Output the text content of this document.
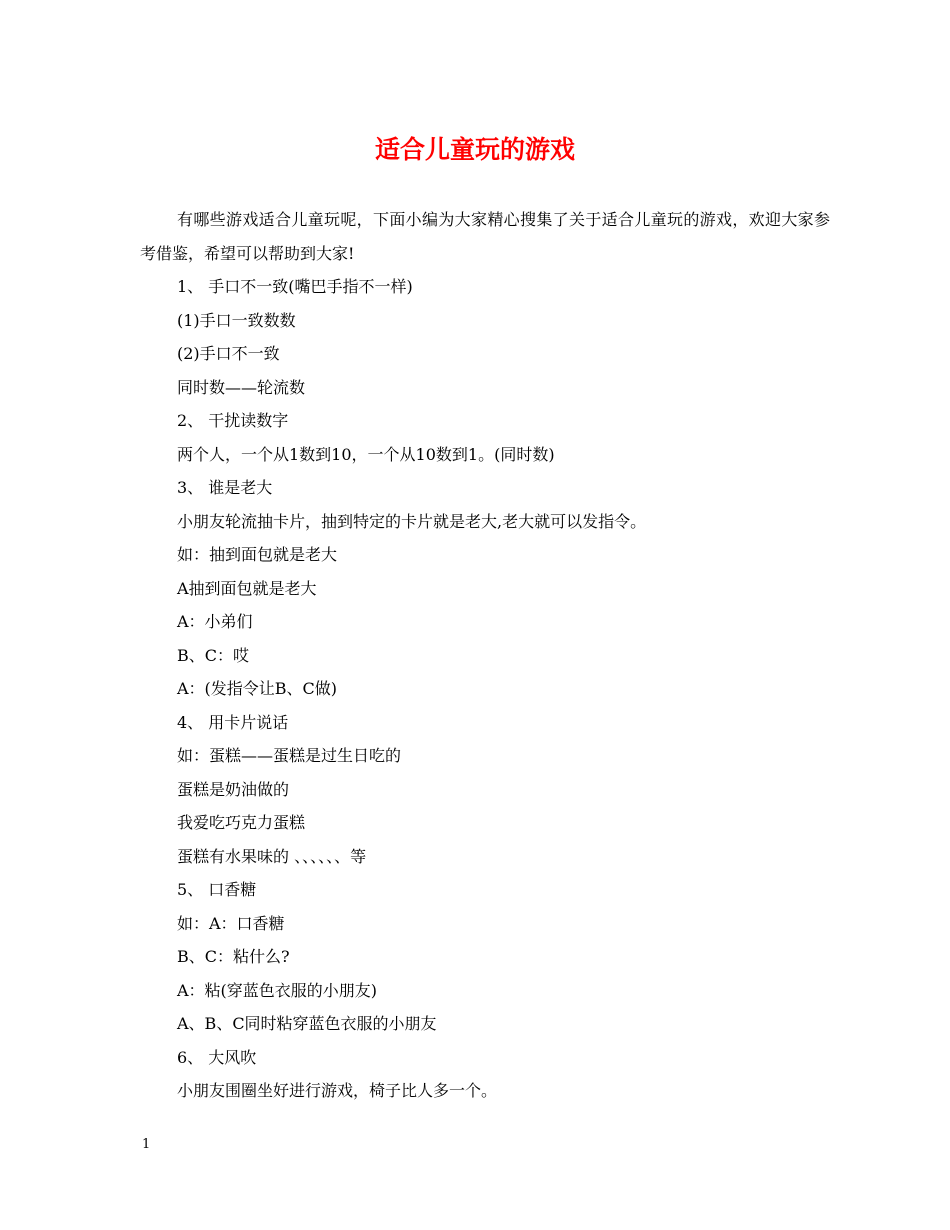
适合儿童玩的游戏

有哪些游戏适合儿童玩呢，下面小编为大家精心搜集了关于适合儿童玩的游戏，欢迎大家参考借鉴，希望可以帮助到大家!

1、 手口不一致(嘴巴手指不一样)

(1)手口一致数数

(2)手口不一致

同时数——轮流数

2、 干扰读数字

两个人，一个从1数到10，一个从10数到1。(同时数)

3、 谁是老大

小朋友轮流抽卡片，抽到特定的卡片就是老大,老大就可以发指令。

如：抽到面包就是老大

A抽到面包就是老大

A：小弟们

B、C：哎

A：(发指令让B、C做)

4、 用卡片说话

如：蛋糕——蛋糕是过生日吃的

蛋糕是奶油做的

我爱吃巧克力蛋糕

蛋糕有水果味的 、、、、、、等

5、 口香糖

如：A：口香糖

B、C：粘什么?

A：粘(穿蓝色衣服的小朋友)

A、B、C同时粘穿蓝色衣服的小朋友

6、 大风吹

小朋友围圈坐好进行游戏，椅子比人多一个。

1
